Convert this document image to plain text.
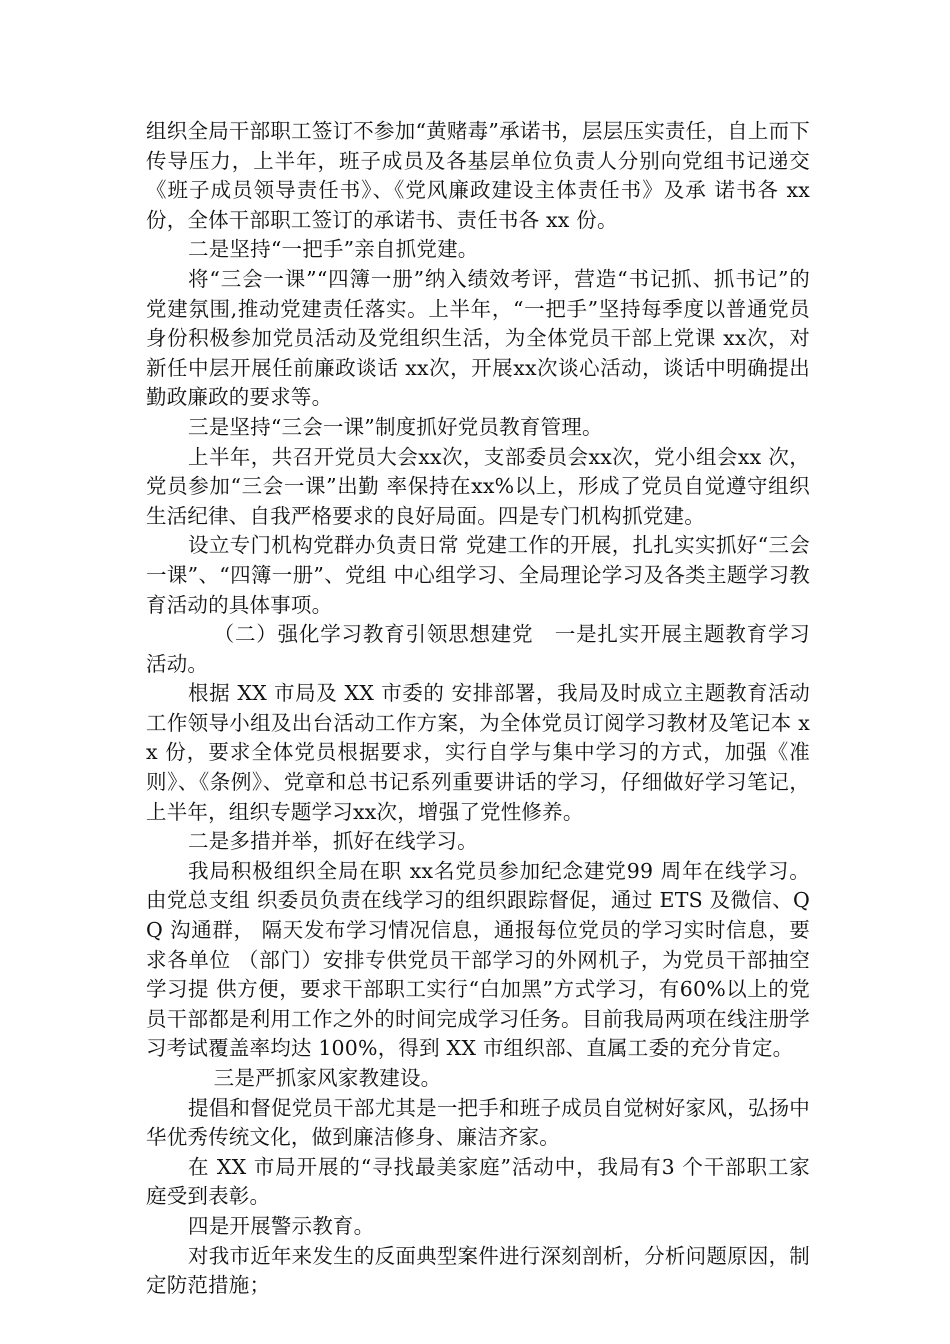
组织全局干部职工签订不参加“黄赌毒”承诺书，层层压实责任，自上而下传导压力，上半年，班子成员及各基层单位负责人分别向党组书记递交《班子成员领导责任书》、《党风廉政建设主体责任书》及承 诺书各 xx 份，全体干部职工签订的承诺书、责任书各 xx 份。

二是坚持“一把手”亲自抓党建。

将“三会一课”“四簿一册”纳入绩效考评，营造“书记抓、抓书记”的党建氛围,推动党建责任落实。上半年，“一把手”坚持每季度以普通党员身份积极参加党员活动及党组织生活，为全体党员干部上党课 xx次，对新任中层开展任前廉政谈话 xx次，开展xx次谈心活动，谈话中明确提出勤政廉政的要求等。

三是坚持“三会一课”制度抓好党员教育管理。

上半年，共召开党员大会xx次，支部委员会xx次，党小组会xx 次，党员参加“三会一课”出勤 率保持在xx%以上，形成了党员自觉遵守组织生活纪律、自我严格要求的良好局面。四是专门机构抓党建。

设立专门机构党群办负责日常 党建工作的开展，扎扎实实抓好“三会一课”、“四簿一册”、党组 中心组学习、全局理论学习及各类主题学习教育活动的具体事项。

（二）强化学习教育引领思想建党　一是扎实开展主题教育学习活动。

根据 XX 市局及 XX 市委的 安排部署，我局及时成立主题教育活动工作领导小组及出台活动工作方案，为全体党员订阅学习教材及笔记本 xx 份，要求全体党员根据要求，实行自学与集中学习的方式，加强《准则》、《条例》、党章和总书记系列重要讲话的学习，仔细做好学习笔记，上半年，组织专题学习xx次，增强了党性修养。

二是多措并举，抓好在线学习。

我局积极组织全局在职 xx名党员参加纪念建党99 周年在线学习。由党总支组 织委员负责在线学习的组织跟踪督促，通过 ETS 及微信、QQ 沟通群， 隔天发布学习情况信息，通报每位党员的学习实时信息，要求各单位 （部门）安排专供党员干部学习的外网机子，为党员干部抽空学习提 供方便，要求干部职工实行“白加黑”方式学习，有60%以上的党员干部都是利用工作之外的时间完成学习任务。目前我局两项在线注册学习考试覆盖率均达 100%，得到 XX 市组织部、直属工委的充分肯定。

三是严抓家风家教建设。

提倡和督促党员干部尤其是一把手和班子成员自觉树好家风，弘扬中华优秀传统文化，做到廉洁修身、廉洁齐家。

在 XX 市局开展的“寻找最美家庭”活动中，我局有3 个干部职工家 庭受到表彰。

四是开展警示教育。

对我市近年来发生的反面典型案件进行深刻剖析，分析问题原因，制定防范措施；
